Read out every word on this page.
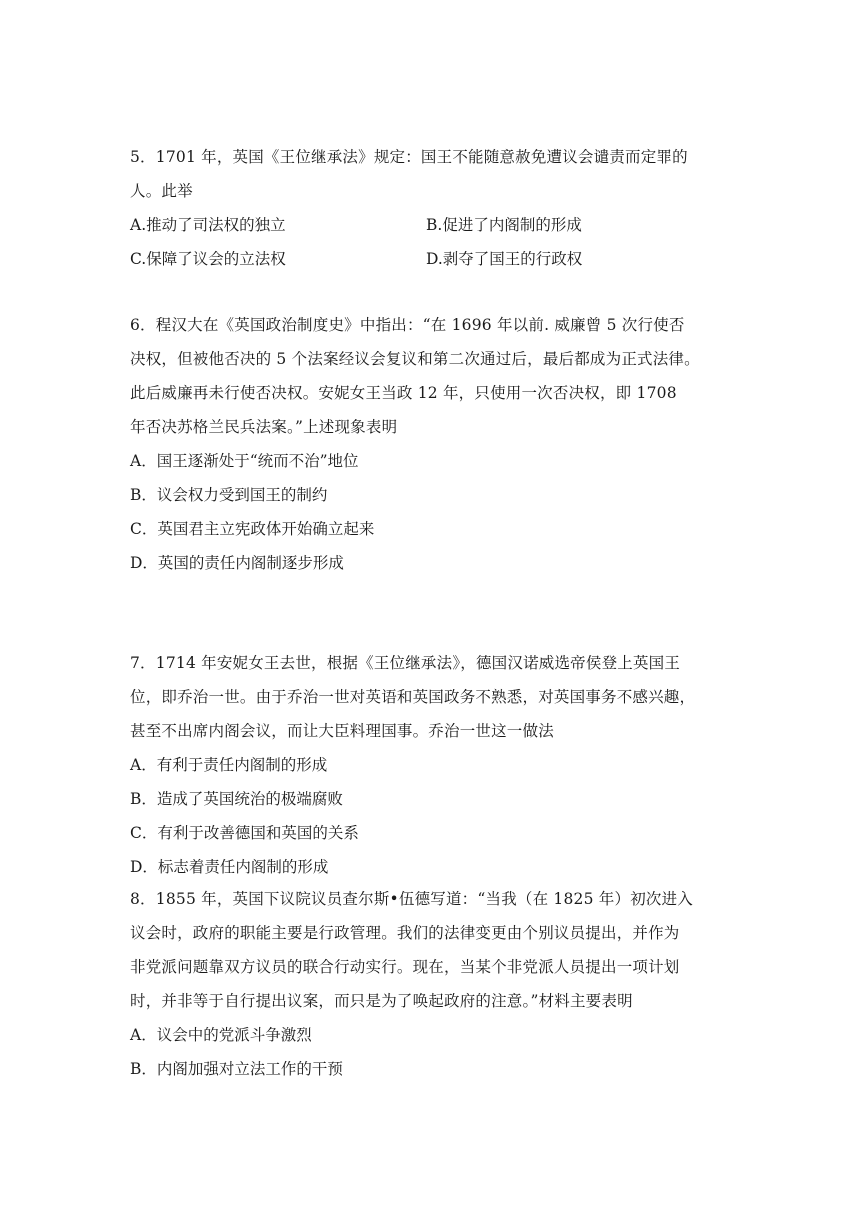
5．1701 年，英国《王位继承法》规定：国王不能随意赦免遭议会谴责而定罪的
人。此举
A.推动了司法权的独立	B.促进了内阁制的形成
C.保障了议会的立法权	D.剥夺了国王的行政权
6．程汉大在《英国政治制度史》中指出：“在 1696 年以前. 威廉曾 5 次行使否
决权，但被他否决的 5 个法案经议会复议和第二次通过后，最后都成为正式法律。
此后威廉再未行使否决权。安妮女王当政 12 年，只使用一次否决权，即 1708
年否决苏格兰民兵法案。”上述现象表明
A．国王逐渐处于“统而不治”地位
B．议会权力受到国王的制约
C．英国君主立宪政体开始确立起来
D．英国的责任内阁制逐步形成
7．1714 年安妮女王去世，根据《王位继承法》，德国汉诺威选帝侯登上英国王
位，即乔治一世。由于乔治一世对英语和英国政务不熟悉，对英国事务不感兴趣，
甚至不出席内阁会议，而让大臣料理国事。乔治一世这一做法
A．有利于责任内阁制的形成
B．造成了英国统治的极端腐败
C．有利于改善德国和英国的关系
D．标志着责任内阁制的形成
8．1855 年，英国下议院议员查尔斯•伍德写道：“当我（在 1825 年）初次进入
议会时，政府的职能主要是行政管理。我们的法律变更由个别议员提出，并作为
非党派问题靠双方议员的联合行动实行。现在，当某个非党派人员提出一项计划
时，并非等于自行提出议案，而只是为了唤起政府的注意。”材料主要表明
A．议会中的党派斗争激烈
B．内阁加强对立法工作的干预
